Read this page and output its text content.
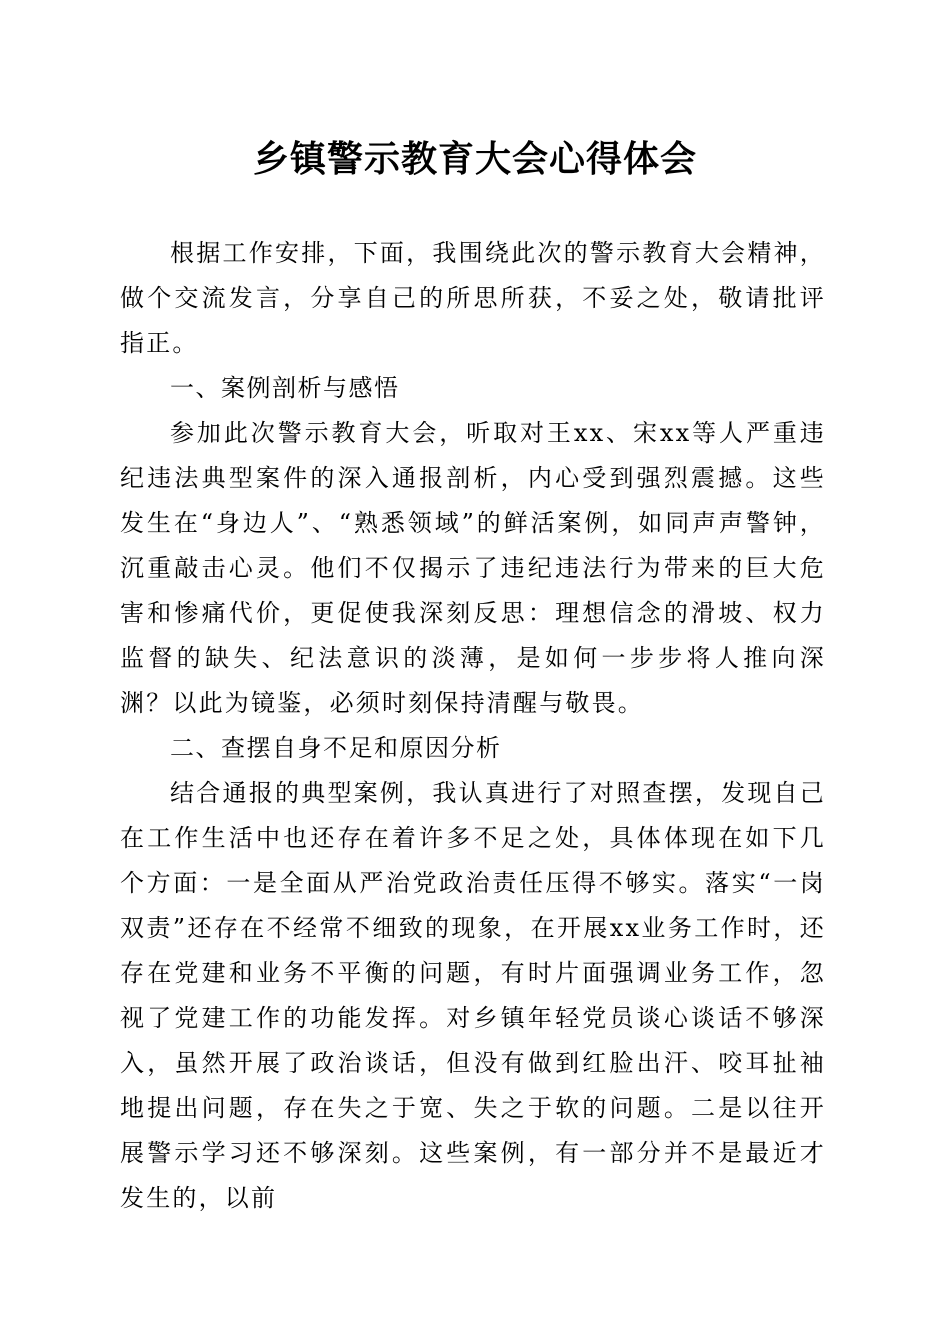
乡镇警示教育大会心得体会

根据工作安排，下面，我围绕此次的警示教育大会精神，做个交流发言，分享自己的所思所获，不妥之处，敬请批评指正。

一、案例剖析与感悟

参加此次警示教育大会，听取对王xx、宋xx等人严重违纪违法典型案件的深入通报剖析，内心受到强烈震撼。这些发生在“身边人”、“熟悉领域”的鲜活案例，如同声声警钟，沉重敲击心灵。他们不仅揭示了违纪违法行为带来的巨大危害和惨痛代价，更促使我深刻反思：理想信念的滑坡、权力监督的缺失、纪法意识的淡薄，是如何一步步将人推向深渊？以此为镜鉴，必须时刻保持清醒与敬畏。

二、查摆自身不足和原因分析

结合通报的典型案例，我认真进行了对照查摆，发现自己在工作生活中也还存在着许多不足之处，具体体现在如下几个方面：一是全面从严治党政治责任压得不够实。落实“一岗双责”还存在不经常不细致的现象，在开展xx业务工作时，还存在党建和业务不平衡的问题，有时片面强调业务工作，忽视了党建工作的功能发挥。对乡镇年轻党员谈心谈话不够深入，虽然开展了政治谈话，但没有做到红脸出汗、咬耳扯袖地提出问题，存在失之于宽、失之于软的问题。二是以往开展警示学习还不够深刻。这些案例，有一部分并不是最近才发生的，以前
